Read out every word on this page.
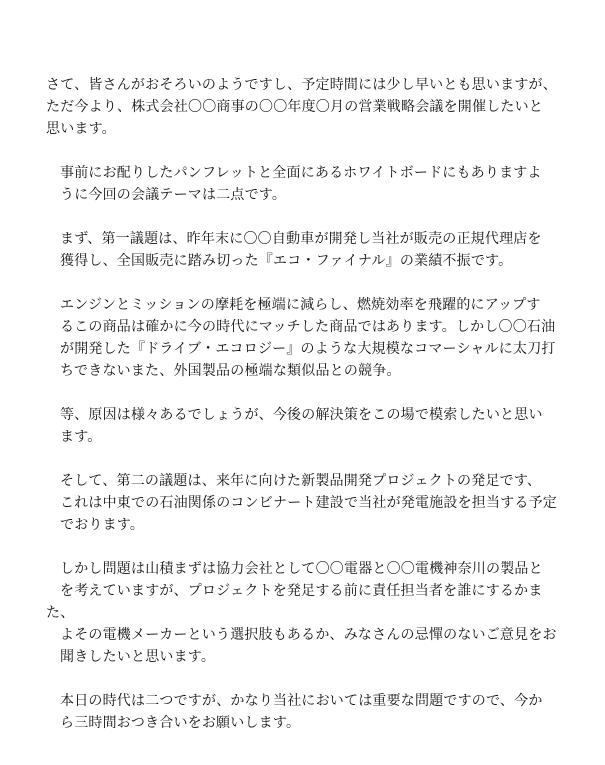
さて、皆さんがおそろいのようですし、予定時間には少し早いとも思いますが、
ただ今より、株式会社〇〇商事の〇〇年度〇月の営業戦略会議を開催したいと
思います。

事前にお配りしたパンフレットと全面にあるホワイトボードにもありますよ
うに今回の会議テーマは二点です。

まず、第一議題は、昨年末に〇〇自動車が開発し当社が販売の正規代理店を
獲得し、全国販売に踏み切った『エコ・ファイナル』の業績不振です。

エンジンとミッションの摩耗を極端に減らし、燃焼効率を飛躍的にアップす
るこの商品は確かに今の時代にマッチした商品ではあります。しかし〇〇石油
が開発した『ドライブ・エコロジー』のような大規模なコマーシャルに太刀打
ちできないまた、外国製品の極端な類似品との競争。

等、原因は様々あるでしょうが、今後の解決策をこの場で模索したいと思い
ます。

そして、第二の議題は、来年に向けた新製品開発プロジェクトの発足です、
これは中東での石油関係のコンビナート建設で当社が発電施設を担当する予定
でおります。

しかし問題は山積まずは協力会社として〇〇電器と〇〇電機神奈川の製品と
を考えていますが、プロジェクトを発足する前に責任担当者を誰にするかまた、
よその電機メーカーという選択肢もあるか、みなさんの忌憚のないご意見をお
聞きしたいと思います。

本日の時代は二つですが、かなり当社においては重要な問題ですので、今か
ら三時間おつき合いをお願いします。
